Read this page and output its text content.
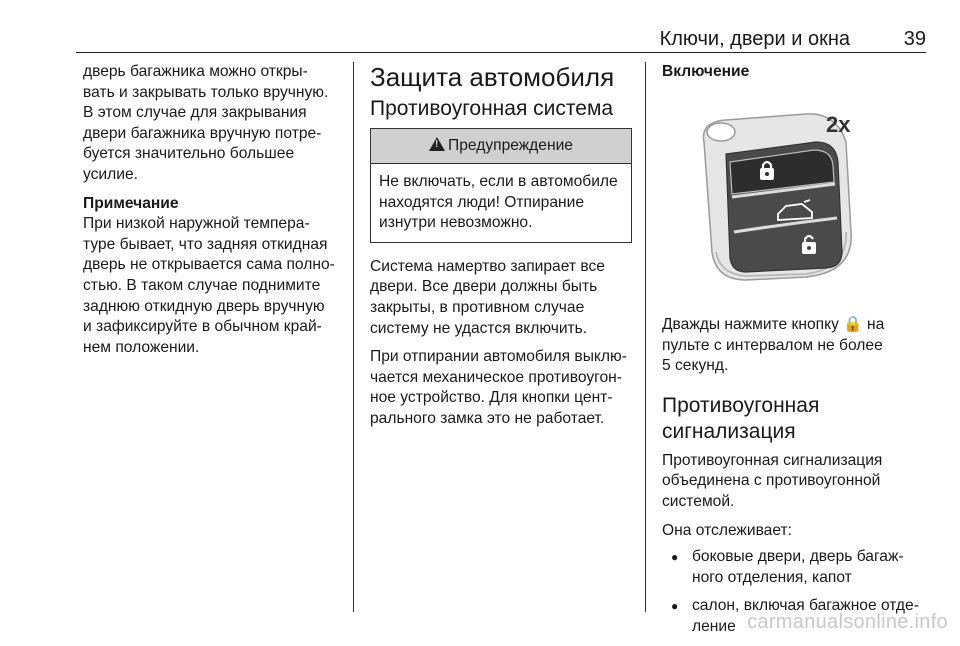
Ключи, двери и окна	39

дверь багажника можно откры-
вать и закрывать только вручную.
В этом случае для закрывания
двери багажника вручную потре-
буется значительно большее
усилие.

Примечание

При низкой наружной темпера-
туре бывает, что задняя откидная
дверь не открывается сама полно-
стью. В таком случае поднимите
заднюю откидную дверь вручную
и зафиксируйте в обычном край-
нем положении.

Защита автомобиля
Противоугонная система
!Предупреждение

Не включать, если в автомобиле
находятся люди! Отпирание
изнутри невозможно.

Система намертво запирает все
двери. Все двери должны быть
закрыты, в противном случае
систему не удастся включить.

При отпирании автомобиля выклю-
чается механическое противоугон-
ное устройство. Для кнопки цент-
рального замка это не работает.

Включение
2x

Дважды нажмите кнопку 🔒 на
пульте с интервалом не более
5 секунд.

Противоугонная
сигнализация

Противоугонная сигнализация
объединена с противоугонной
системой.

Она отслеживает:

● боковые двери, дверь багаж-
ного отделения, капот
● салон, включая багажное отде-
ление carmanualsonline.info
